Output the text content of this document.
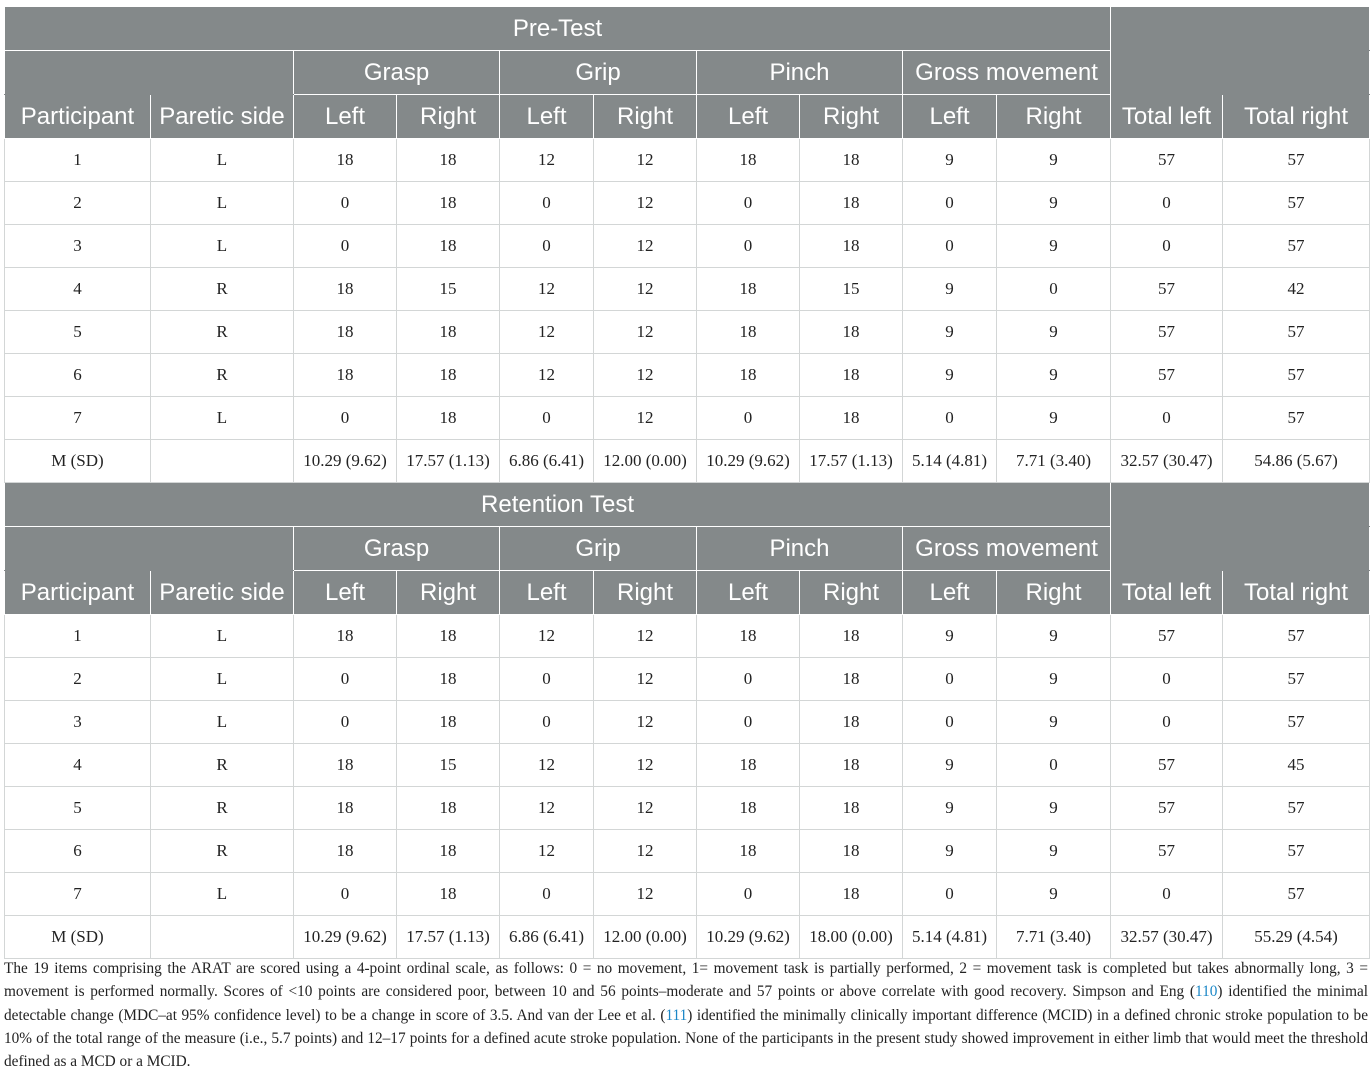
Pre-Test											
		Grasp		Grip		Pinch		Gross movement			
Participant	Paretic side	Left	Right	Left	Right	Left	Right	Left	Right	Total left	Total right
1	L	18	18	12	12	18	18	9	9	57	57
2	L	0	18	0	12	0	18	0	9	0	57
3	L	0	18	0	12	0	18	0	9	0	57
4	R	18	15	12	12	18	15	9	0	57	42
5	R	18	18	12	12	18	18	9	9	57	57
6	R	18	18	12	12	18	18	9	9	57	57
7	L	0	18	0	12	0	18	0	9	0	57
M (SD)		10.29 (9.62)	17.57 (1.13)	6.86 (6.41)	12.00 (0.00)	10.29 (9.62)	17.57 (1.13)	5.14 (4.81)	7.71 (3.40)	32.57 (30.47)	54.86 (5.67)
Retention Test											
		Grasp		Grip		Pinch		Gross movement			
Participant	Paretic side	Left	Right	Left	Right	Left	Right	Left	Right	Total left	Total right
1	L	18	18	12	12	18	18	9	9	57	57
2	L	0	18	0	12	0	18	0	9	0	57
3	L	0	18	0	12	0	18	0	9	0	57
4	R	18	15	12	12	18	18	9	0	57	45
5	R	18	18	12	12	18	18	9	9	57	57
6	R	18	18	12	12	18	18	9	9	57	57
7	L	0	18	0	12	0	18	0	9	0	57
M (SD)		10.29 (9.62)	17.57 (1.13)	6.86 (6.41)	12.00 (0.00)	10.29 (9.62)	18.00 (0.00)	5.14 (4.81)	7.71 (3.40)	32.57 (30.47)	55.29 (4.54)
The 19 items comprising the ARAT are scored using a 4-point ordinal scale, as follows: 0 = no movement, 1= movement task is partially performed, 2 = movement task is completed but takes abnormally long, 3 = movement is performed normally. Scores of <10 points are considered poor, between 10 and 56 points–moderate and 57 points or above correlate with good recovery. Simpson and Eng (110) identified the minimal detectable change (MDC–at 95% confidence level) to be a change in score of 3.5. And van der Lee et al. (111) identified the minimally clinically important difference (MCID) in a defined chronic stroke population to be 10% of the total range of the measure (i.e., 5.7 points) and 12–17 points for a defined acute stroke population. None of the participants in the present study showed improvement in either limb that would meet the threshold defined as a MCD or a MCID.
